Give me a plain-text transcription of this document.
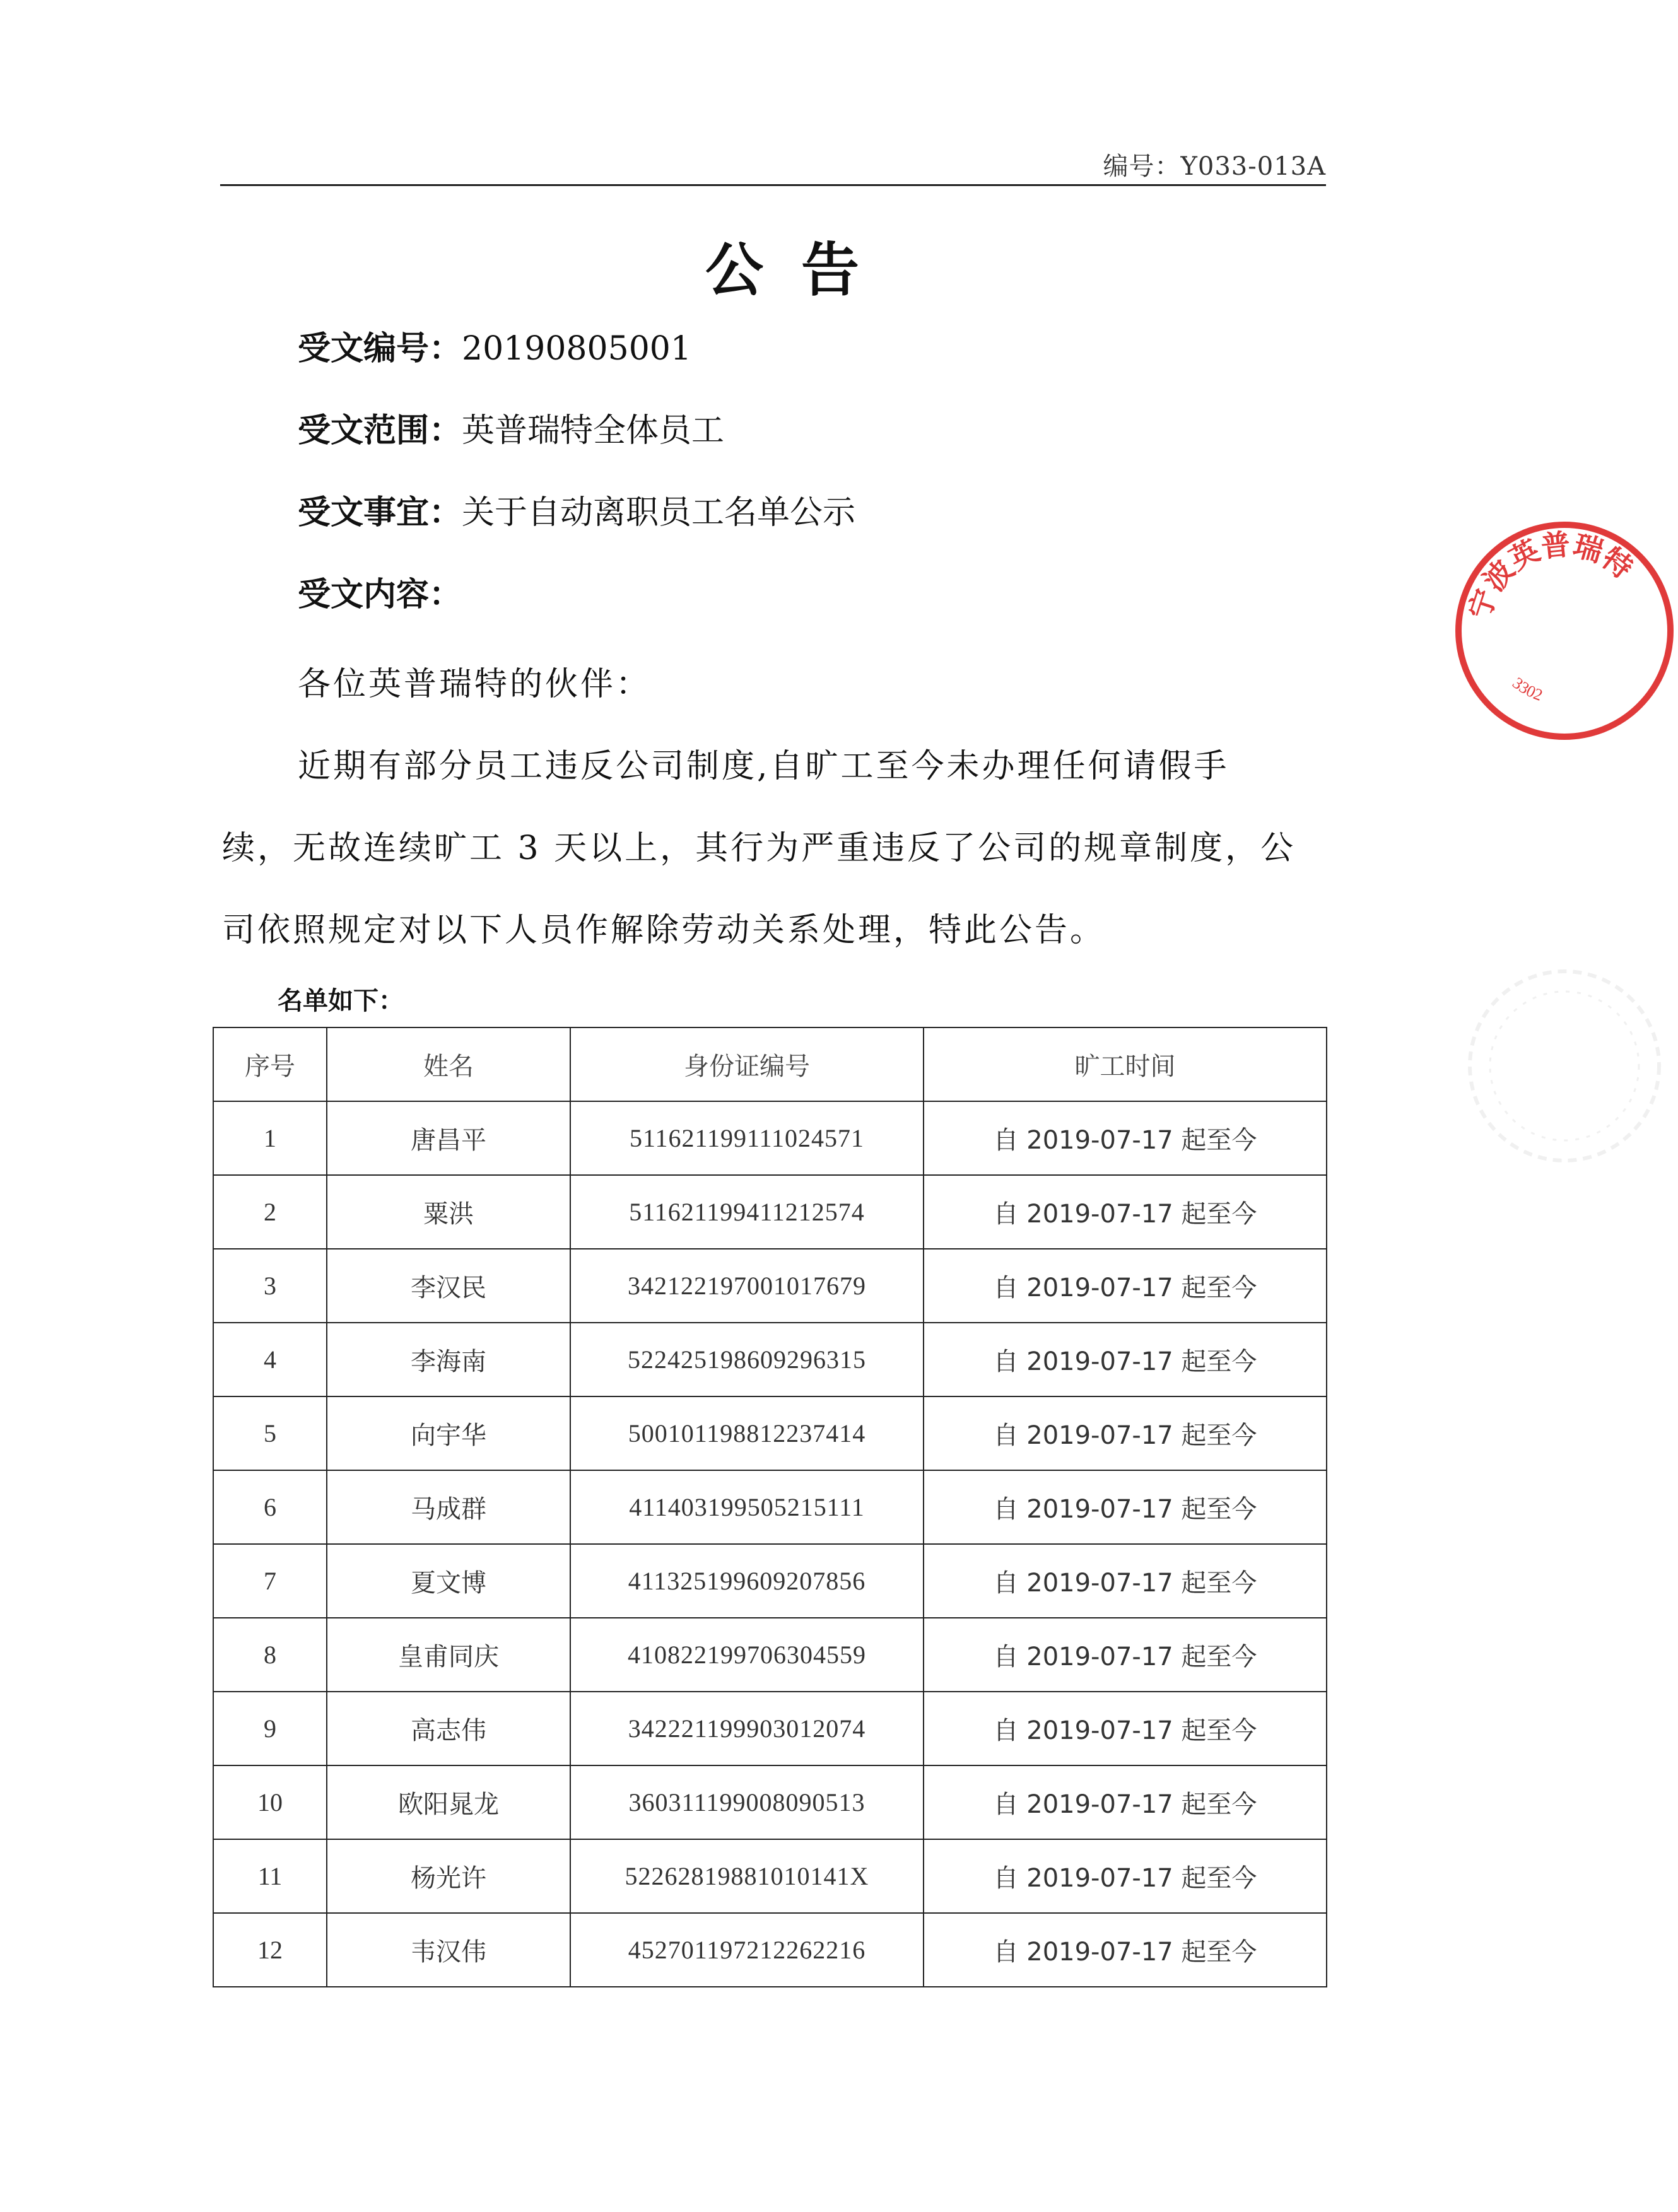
编号：Y033-013A
公告
受文编号：20190805001
受文范围：英普瑞特全体员工
受文事宜：关于自动离职员工名单公示
受文内容：
各位英普瑞特的伙伴：
近期有部分员工违反公司制度,自旷工至今未办理任何请假手
续，无故连续旷工 3 天以上，其行为严重违反了公司的规章制度，公
司依照规定对以下人员作解除劳动关系处理，特此公告。
名单如下：
序号	姓名	身份证编号	旷工时间
1	唐昌平	511621199111024571	自 2019-07-17 起至今
2	粟洪	511621199411212574	自 2019-07-17 起至今
3	李汉民	342122197001017679	自 2019-07-17 起至今
4	李海南	522425198609296315	自 2019-07-17 起至今
5	向宇华	500101198812237414	自 2019-07-17 起至今
6	马成群	411403199505215111	自 2019-07-17 起至今
7	夏文博	411325199609207856	自 2019-07-17 起至今
8	皇甫同庆	410822199706304559	自 2019-07-17 起至今
9	高志伟	342221199903012074	自 2019-07-17 起至今
10	欧阳晁龙	360311199008090513	自 2019-07-17 起至今
11	杨光许	52262819881010141X	自 2019-07-17 起至今
12	韦汉伟	452701197212262216	自 2019-07-17 起至今
宁波英普瑞特
3302
